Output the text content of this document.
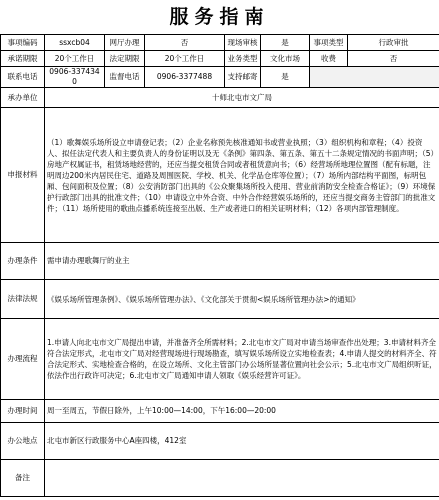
服务指南
事项编码	ssxcb04	网厅办理	否	现场审核	是	事项类型	行政审批
承诺期限	20个工作日	法定期限	20个工作日	业务类型	文化市场	收费	否
联系电话	0906-3374340	监督电话	0906-3377488	支持邮寄	是		
承办单位	十师北屯市文广局						
申报材料	（1）歌舞娱乐场所设立申请登记表；（2）企业名称预先核准通知书或营业执照；（3）组织机构和章程；（4）投资人、拟任法定代表人和主要负责人的身份证明以及无《条例》第四条、第五条、第五十二条规定情况的书面声明；（5）房地产权属证书，租赁场地经营的，还应当提交租赁合同或者租赁意向书；（6）经营场所地理位置图（配有标题，注明周边200米内居民住宅、道路及周围医院、学校、机关、化学品仓库等位置）；（7）场所内部结构平面图，标明包厢、包间面积及位置；（8）公安消防部门出具的《公众聚集场所投入使用、营业前消防安全检查合格证》；（9）环境保护行政部门出具的批准文件；（10）申请设立中外合资、中外合作经营娱乐场所的，还应当提交商务主管部门的批准文件；（11）场所使用的歌曲点播系统连接至出版、生产或者进口的相关证明材料；（12）各项内部管理制度。						

办理条件	需申请办理歌舞厅的业主						
法律法规	《娱乐场所管理条例》、《娱乐场所管理办法》、《文化部关于贯彻<娱乐场所管理办法>的通知》						

办理流程	1.申请人向北屯市文广局提出申请，并准备齐全所需材料；2.北屯市文广局对申请当场审查作出处理；3.申请材料齐全符合法定形式，北屯市文广局对经营现场进行现场勘查，填写娱乐场所设立实地检查表；4.申请人提交的材料齐全、符合法定形式、实地检查合格的，在设立场所、文化主管部门办公场所显著位置向社会公示；5.北屯市文广局组织听证，依法作出行政许可决定；6.北屯市文广局通知申请人领取《娱乐经营许可证》。						

办理时间	周一至周五，节假日除外，上午10:00—14:00，下午16:00—20:00						
办公地点	北屯市新区行政服务中心A座四楼，412室						
备注							
